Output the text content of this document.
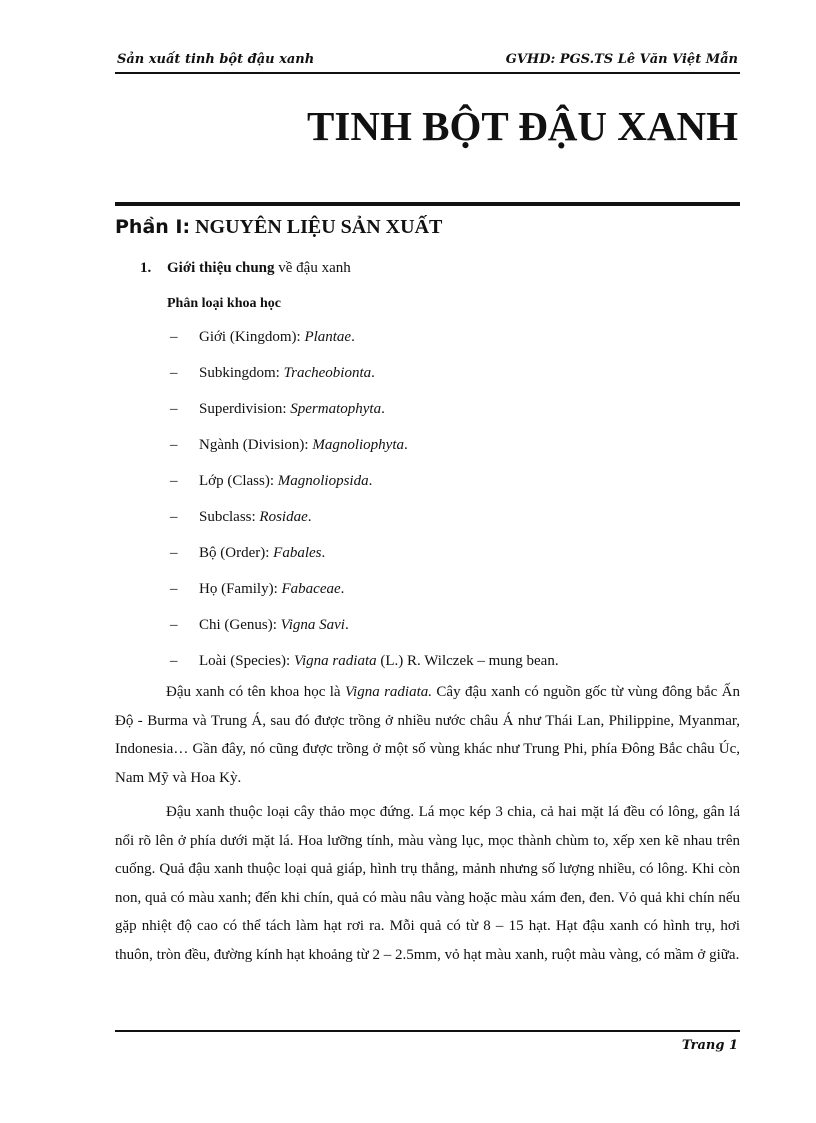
Sản xuất tinh bột đậu xanh	GVHD: PGS.TS Lê Văn Việt Mẫn
TINH BỘT ĐẬU XANH
Phần I: NGUYÊN LIỆU SẢN XUẤT
1. Giới thiệu chung về đậu xanh
Phân loại khoa học
– Giới (Kingdom): Plantae.
– Subkingdom: Tracheobionta.
– Superdivision: Spermatophyta.
– Ngành (Division): Magnoliophyta.
– Lớp (Class): Magnoliopsida.
– Subclass: Rosidae.
– Bộ (Order): Fabales.
– Họ (Family): Fabaceae.
– Chi (Genus): Vigna Savi.
– Loài (Species): Vigna radiata (L.) R. Wilczek – mung bean.

Đậu xanh có tên khoa học là Vigna radiata. Cây đậu xanh có nguồn gốc từ vùng đông bắc Ấn Độ - Burma và Trung Á, sau đó được trồng ở nhiều nước châu Á như Thái Lan, Philippine, Myanmar, Indonesia… Gần đây, nó cũng được trồng ở một số vùng khác như Trung Phi, phía Đông Bắc châu Úc, Nam Mỹ và Hoa Kỳ.

Đậu xanh thuộc loại cây thảo mọc đứng. Lá mọc kép 3 chia, cả hai mặt lá đều có lông, gân lá nổi rõ lên ở phía dưới mặt lá. Hoa lưỡng tính, màu vàng lục, mọc thành chùm to, xếp xen kẽ nhau trên cuống. Quả đậu xanh thuộc loại quả giáp, hình trụ thẳng, mảnh nhưng số lượng nhiều, có lông. Khi còn non, quả có màu xanh; đến khi chín, quả có màu nâu vàng hoặc màu xám đen, đen. Vỏ quả khi chín nếu gặp nhiệt độ cao có thể tách làm hạt rơi ra. Mỗi quả có từ 8 – 15 hạt. Hạt đậu xanh có hình trụ, hơi thuôn, tròn đều, đường kính hạt khoảng từ 2 – 2.5mm, vỏ hạt màu xanh, ruột màu vàng, có mầm ở giữa.

Trang 1
